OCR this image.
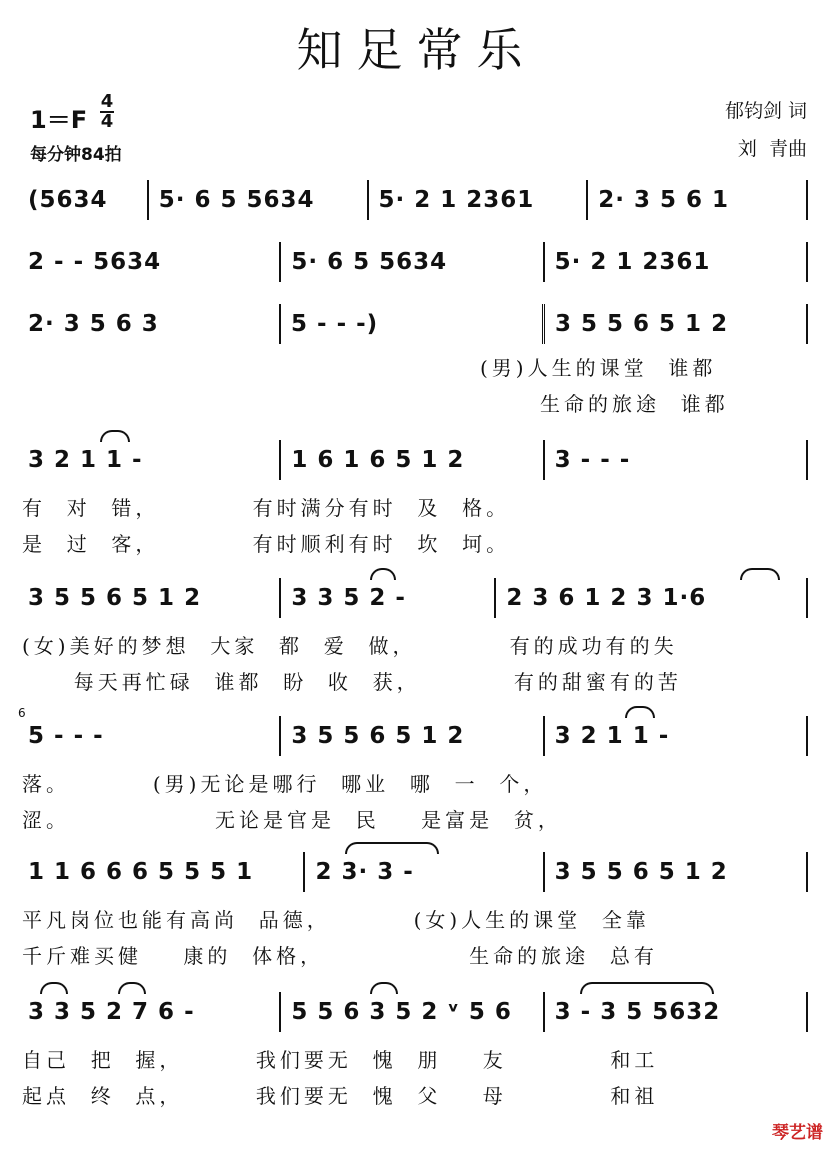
知足常乐
1＝F
4
4
每分钟84拍
郁钧剑 词
刘  青曲
(5634	5· 6 5 5634	5· 2 1 2361	2· 3 5 6 1
2 - - 5634	5· 6 5 5634	5· 2 1 2361
2· 3 5 6 3	5 - - -)	3 5 5 6 5 1 2
(男)人生的课堂  谁都
生命的旅途  谁都
3 2 1 1 -	1 6 1 6 5 1 2	3 - - -
有  对  错，         有时满分有时  及  格。
是  过  客，         有时顺利有时  坎  坷。
3 5 5 6 5 1 2	3 3 5 2 -	2 3 6 1 2 3 1·6
(女)美好的梦想  大家  都  爱  做，         有的成功有的失
每天再忙碌  谁都  盼  收  获，         有的甜蜜有的苦
6
5 - - -	3 5 5 6 5 1 2	3 2 1 1 -
落。        (男)无论是哪行  哪业  哪  一  个，
涩。              无论是官是  民    是富是  贫，
1 1 6 6 6 5 5 5 1	2 3· 3 -	3 5 5 6 5 1 2
平凡岗位也能有高尚  品德，        (女)人生的课堂  全靠
千斤难买健    康的  体格，              生命的旅途  总有
3 3 5 2 7 6 -	5 5 6 3 5 2 ᵛ 5 6	3 - 3 5 5632
自己  把  握，       我们要无  愧  朋    友          和工
起点  终  点，       我们要无  愧  父    母          和祖
琴艺谱
